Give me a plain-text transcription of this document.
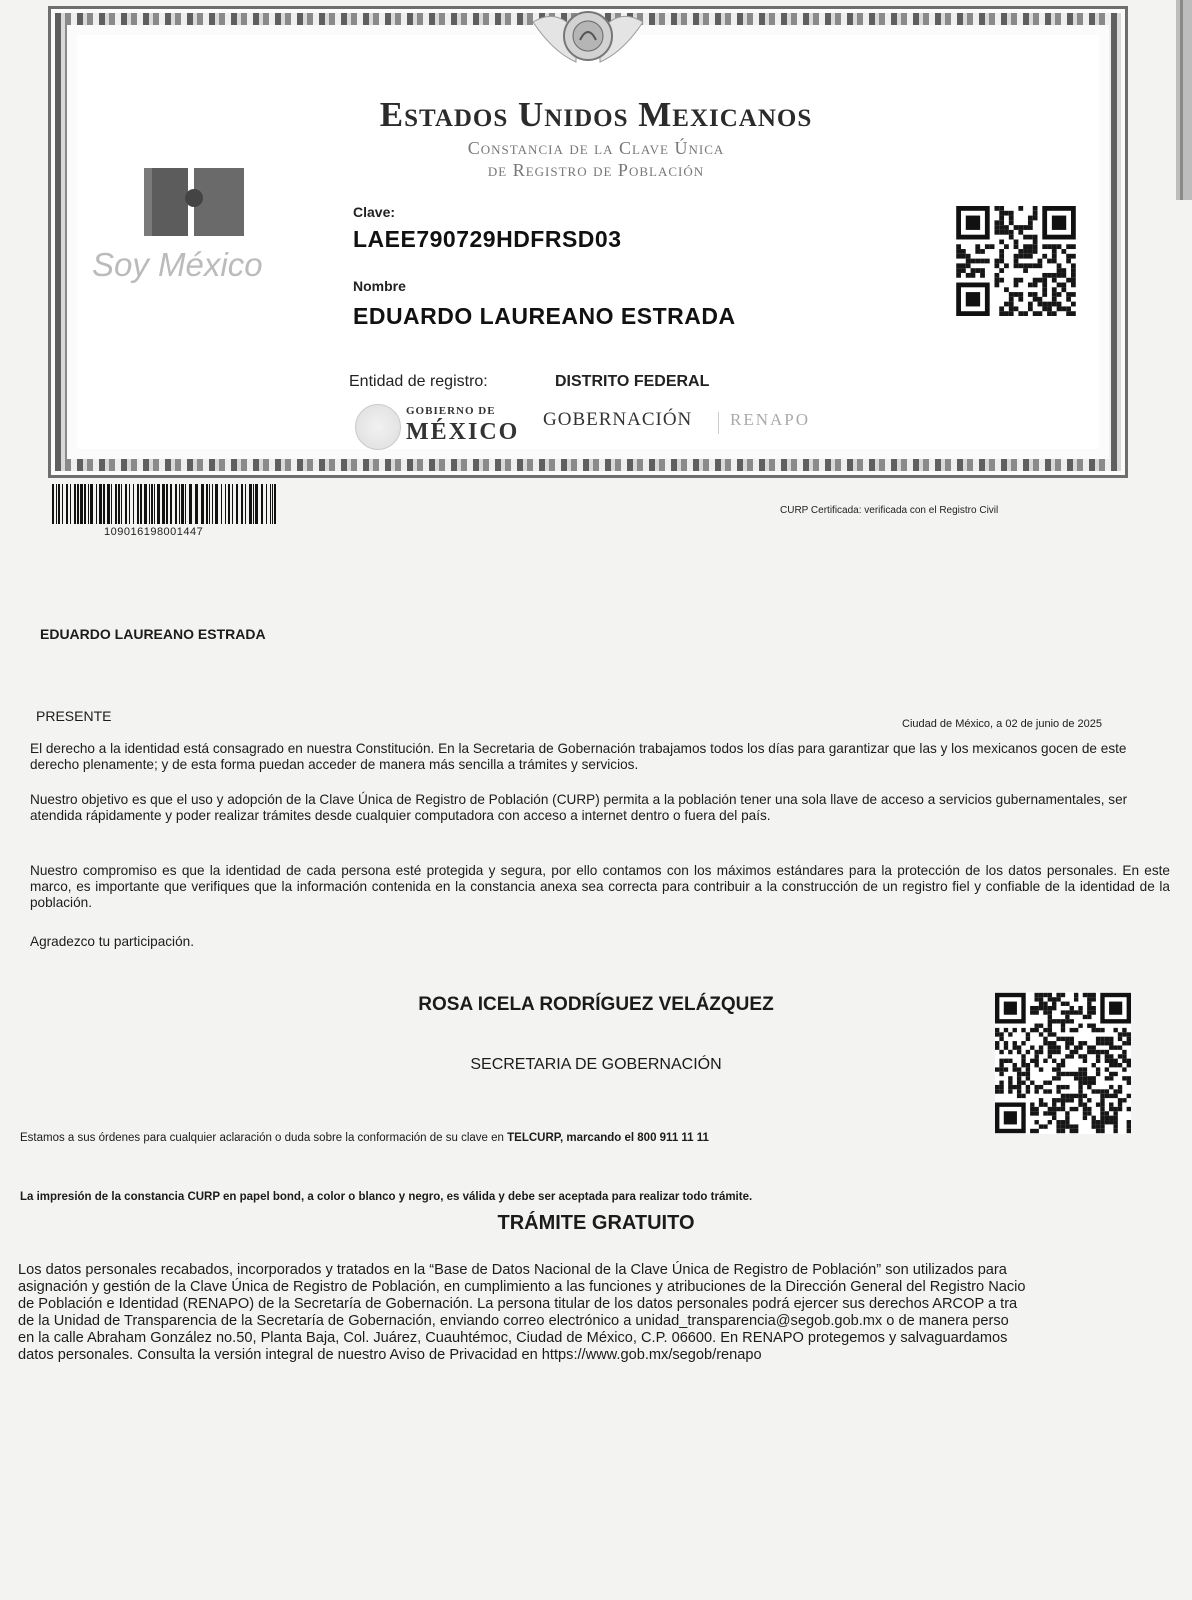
Estados Unidos Mexicanos
Constancia de la Clave Única
de Registro de Población
Soy México
Clave:
LAEE790729HDFRSD03
Nombre
EDUARDO LAUREANO ESTRADA
Entidad de registro:	DISTRITO FEDERAL
GOBIERNO DE
MÉXICO GOBERNACIÓN RENAPO
109016198001447
CURP Certificada: verificada con el Registro Civil
EDUARDO LAUREANO ESTRADA
PRESENTE	Ciudad de México, a 02 de junio de 2025
El derecho a la identidad está consagrado en nuestra Constitución. En la Secretaria de Gobernación trabajamos todos los días para garantizar que las y los mexicanos gocen de este derecho plenamente; y de esta forma puedan acceder de manera más sencilla a trámites y servicios.
Nuestro objetivo es que el uso y adopción de la Clave Única de Registro de Población (CURP) permita a la población tener una sola llave de acceso a servicios gubernamentales, ser atendida rápidamente y poder realizar trámites desde cualquier computadora con acceso a internet dentro o fuera del país.
Nuestro compromiso es que la identidad de cada persona esté protegida y segura, por ello contamos con los máximos estándares para la protección de los datos personales. En este marco, es importante que verifiques que la información contenida en la constancia anexa sea correcta para contribuir a la construcción de un registro fiel y confiable de la identidad de la población.
Agradezco tu participación.
ROSA ICELA RODRÍGUEZ VELÁZQUEZ
SECRETARIA DE GOBERNACIÓN
Estamos a sus órdenes para cualquier aclaración o duda sobre la conformación de su clave en TELCURP, marcando el 800 911 11 11
La impresión de la constancia CURP en papel bond, a color o blanco y negro, es válida y debe ser aceptada para realizar todo trámite.
TRÁMITE GRATUITO
Los datos personales recabados, incorporados y tratados en la “Base de Datos Nacional de la Clave Única de Registro de Población” son utilizados para
asignación y gestión de la Clave Única de Registro de Población, en cumplimiento a las funciones y atribuciones de la Dirección General del Registro Nacio
de Población e Identidad (RENAPO) de la Secretaría de Gobernación. La persona titular de los datos personales podrá ejercer sus derechos ARCOP a tra
de la Unidad de Transparencia de la Secretaría de Gobernación, enviando correo electrónico a unidad_transparencia@segob.gob.mx o de manera perso
en la calle Abraham González no.50, Planta Baja, Col. Juárez, Cuauhtémoc, Ciudad de México, C.P. 06600. En RENAPO protegemos y salvaguardamos
datos personales. Consulta la versión integral de nuestro Aviso de Privacidad en https://www.gob.mx/segob/renapo
